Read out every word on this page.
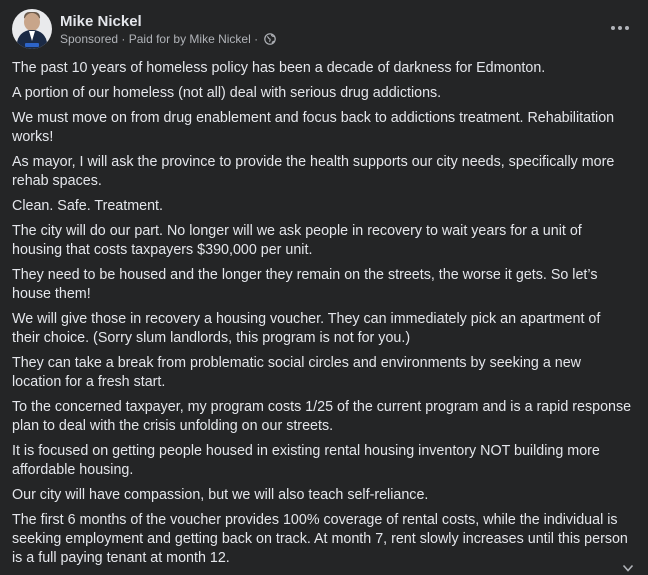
Mike Nickel
Sponsored · Paid for by Mike Nickel ·

The past 10 years of homeless policy has been a decade of darkness for Edmonton.

A portion of our homeless (not all) deal with serious drug addictions.

We must move on from drug enablement and focus back to addictions treatment. Rehabilitation works!

As mayor, I will ask the province to provide the health supports our city needs, specifically more rehab spaces.

Clean. Safe. Treatment.

The city will do our part. No longer will we ask people in recovery to wait years for a unit of housing that costs taxpayers $390,000 per unit.

They need to be housed and the longer they remain on the streets, the worse it gets. So let’s house them!

We will give those in recovery a housing voucher. They can immediately pick an apartment of their choice. (Sorry slum landlords, this program is not for you.)

They can take a break from problematic social circles and environments by seeking a new location for a fresh start.

To the concerned taxpayer, my program costs 1/25 of the current program and is a rapid response plan to deal with the crisis unfolding on our streets.

It is focused on getting people housed in existing rental housing inventory NOT building more affordable housing.

Our city will have compassion, but we will also teach self-reliance.

The first 6 months of the voucher provides 100% coverage of rental costs, while the individual is seeking employment and getting back on track. At month 7, rent slowly increases until this person is a full paying tenant at month 12.
